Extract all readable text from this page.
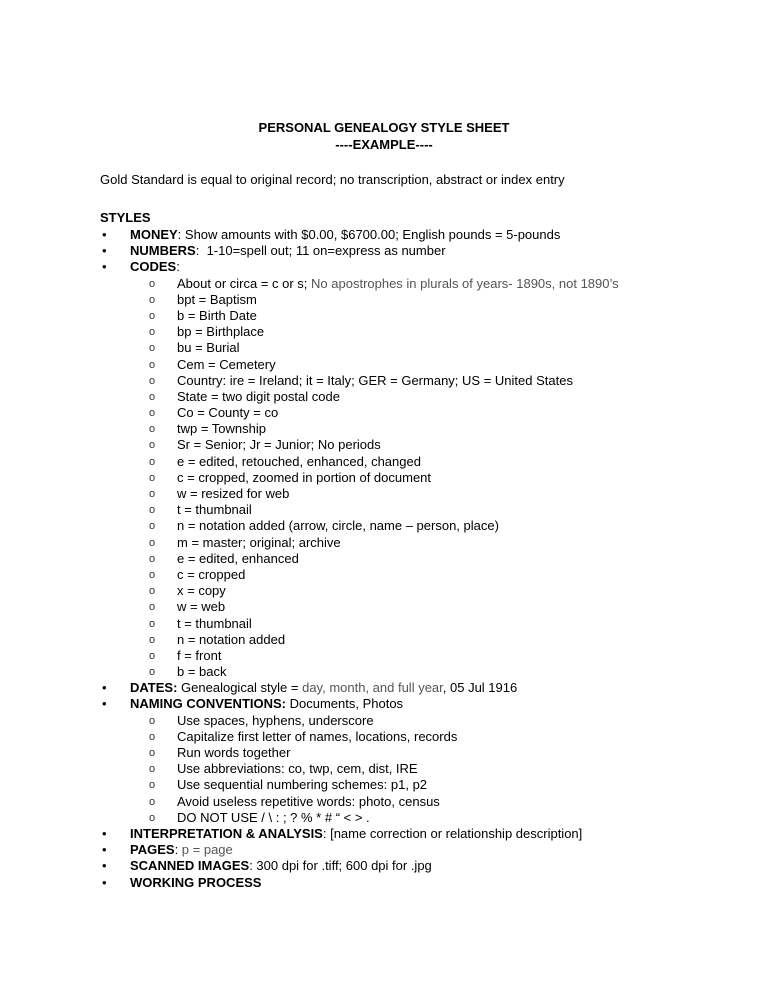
PERSONAL GENEALOGY STYLE SHEET
----EXAMPLE----
Gold Standard is equal to original record; no transcription, abstract or index entry
STYLES
• MONEY: Show amounts with $0.00, $6700.00; English pounds = 5-pounds
• NUMBERS:  1-10=spell out; 11 on=express as number
• CODES:
o About or circa = c or s; No apostrophes in plurals of years- 1890s, not 1890’s
o bpt = Baptism
o b = Birth Date
o bp = Birthplace
o bu = Burial
o Cem = Cemetery
o Country: ire = Ireland; it = Italy; GER = Germany; US = United States
o State = two digit postal code
o Co = County = co
o twp = Township
o Sr = Senior; Jr = Junior; No periods
o e = edited, retouched, enhanced, changed
o c = cropped, zoomed in portion of document
o w = resized for web
o t = thumbnail
o n = notation added (arrow, circle, name – person, place)
o m = master; original; archive
o e = edited, enhanced
o c = cropped
o x = copy
o w = web
o t = thumbnail
o n = notation added
o f = front
o b = back
• DATES: Genealogical style = day, month, and full year, 05 Jul 1916
• NAMING CONVENTIONS: Documents, Photos
o Use spaces, hyphens, underscore
o Capitalize first letter of names, locations, records
o Run words together
o Use abbreviations: co, twp, cem, dist, IRE
o Use sequential numbering schemes: p1, p2
o Avoid useless repetitive words: photo, census
o DO NOT USE / \ : ; ? % * # “ < > .
• INTERPRETATION & ANALYSIS: [name correction or relationship description]
• PAGES: p = page
• SCANNED IMAGES: 300 dpi for .tiff; 600 dpi for .jpg
• WORKING PROCESS
